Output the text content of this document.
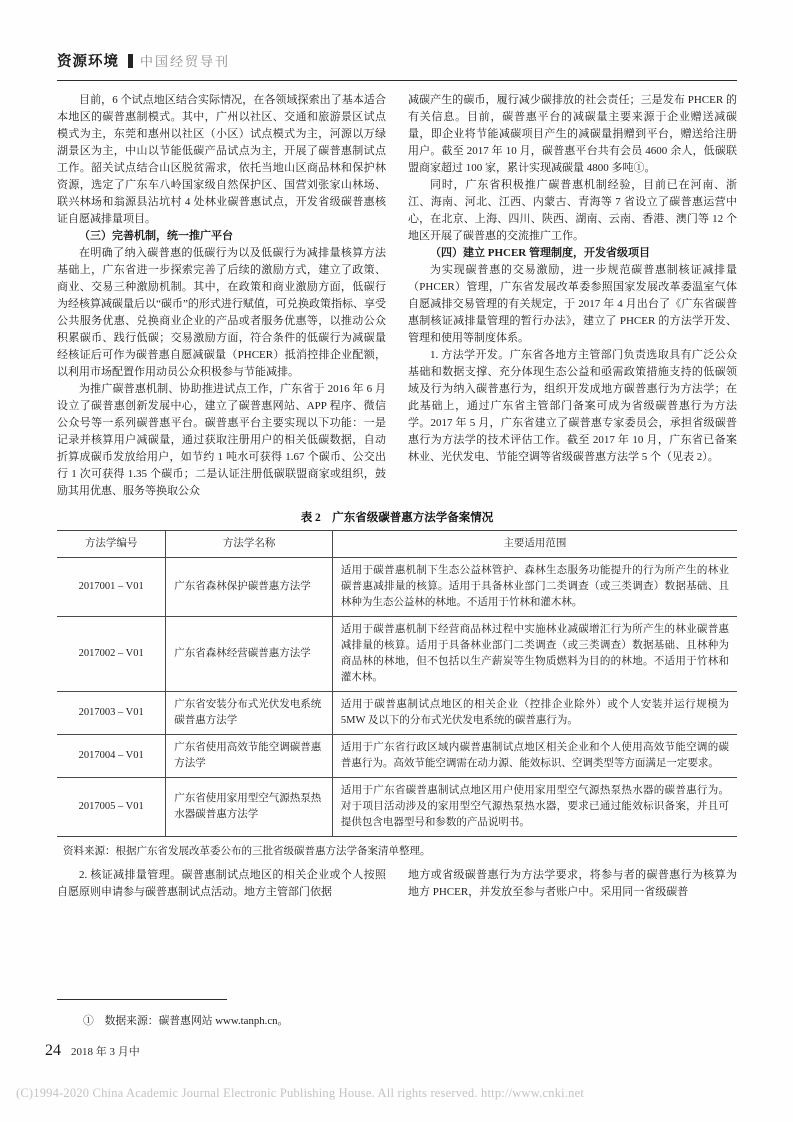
资源环境 中国经贸导刊

目前，6 个试点地区结合实际情况，在各领域探索出了基本适合本地区的碳普惠制模式。其中，广州以社区、交通和旅游景区试点模式为主，东莞和惠州以社区（小区）试点模式为主，河源以万绿湖景区为主，中山以节能低碳产品试点为主，开展了碳普惠制试点工作。韶关试点结合山区脱贫需求，依托当地山区商品林和保护林资源，选定了广东车八岭国家级自然保护区、国营刘张家山林场、联兴林场和翁源县沾坑村 4 处林业碳普惠试点，开发省级碳普惠核证自愿减排量项目。

（三）完善机制，统一推广平台

在明确了纳入碳普惠的低碳行为以及低碳行为减排量核算方法基础上，广东省进一步探索完善了后续的激励方式，建立了政策、商业、交易三种激励机制。其中，在政策和商业激励方面，低碳行为经核算减碳量后以“碳币”的形式进行赋值，可兑换政策指标、享受公共服务优惠、兑换商业企业的产品或者服务优惠等，以推动公众积累碳币、践行低碳；交易激励方面，符合条件的低碳行为减碳量经核证后可作为碳普惠自愿减碳量（PHCER）抵消控排企业配额，以利用市场配置作用动员公众积极参与节能减排。

为推广碳普惠机制、协助推进试点工作，广东省于 2016 年 6 月设立了碳普惠创新发展中心，建立了碳普惠网站、APP 程序、微信公众号等一系列碳普惠平台。碳普惠平台主要实现以下功能：一是记录并核算用户减碳量，通过获取注册用户的相关低碳数据，自动折算成碳币发放给用户，如节约 1 吨水可获得 1.67 个碳币、公交出行 1 次可获得 1.35 个碳币；二是认证注册低碳联盟商家或组织，鼓励其用优惠、服务等换取公众

减碳产生的碳币，履行减少碳排放的社会责任；三是发布 PHCER 的有关信息。目前，碳普惠平台的减碳量主要来源于企业赠送减碳量，即企业将节能减碳项目产生的减碳量捐赠到平台，赠送给注册用户。截至 2017 年 10 月，碳普惠平台共有会员 4600 余人，低碳联盟商家超过 100 家，累计实现减碳量 4800 多吨①。

同时，广东省积极推广碳普惠机制经验，目前已在河南、浙江、海南、河北、江西、内蒙古、青海等 7 省设立了碳普惠运营中心，在北京、上海、四川、陕西、湖南、云南、香港、澳门等 12 个地区开展了碳普惠的交流推广工作。

（四）建立 PHCER 管理制度，开发省级项目

为实现碳普惠的交易激励，进一步规范碳普惠制核证减排量（PHCER）管理，广东省发展改革委参照国家发展改革委温室气体自愿减排交易管理的有关规定，于 2017 年 4 月出台了《广东省碳普惠制核证减排量管理的暂行办法》，建立了 PHCER 的方法学开发、管理和使用等制度体系。

1. 方法学开发。广东省各地方主管部门负责选取具有广泛公众基础和数据支撑、充分体现生态公益和亟需政策措施支持的低碳领域及行为纳入碳普惠行为，组织开发成地方碳普惠行为方法学；在此基础上，通过广东省主管部门备案可成为省级碳普惠行为方法学。2017 年 5 月，广东省建立了碳普惠专家委员会，承担省级碳普惠行为方法学的技术评估工作。截至 2017 年 10 月，广东省已备案林业、光伏发电、节能空调等省级碳普惠方法学 5 个（见表 2）。

表 2　广东省级碳普惠方法学备案情况
方法学编号	方法学名称	主要适用范围
2017001 – V01	广东省森林保护碳普惠方法学	适用于碳普惠机制下生态公益林管护、森林生态服务功能提升的行为所产生的林业碳普惠减排量的核算。适用于具备林业部门二类调查（或三类调查）数据基础、且林种为生态公益林的林地。不适用于竹林和灌木林。
2017002 – V01	广东省森林经营碳普惠方法学	适用于碳普惠机制下经营商品林过程中实施林业减碳增汇行为所产生的林业碳普惠减排量的核算。适用于具备林业部门二类调查（或三类调查）数据基础、且林种为商品林的林地，但不包括以生产薪炭等生物质燃料为目的的林地。不适用于竹林和灌木林。
2017003 – V01	广东省安装分布式光伏发电系统碳普惠方法学	适用于碳普惠制试点地区的相关企业（控排企业除外）或个人安装并运行规模为 5MW 及以下的分布式光伏发电系统的碳普惠行为。
2017004 – V01	广东省使用高效节能空调碳普惠方法学	适用于广东省行政区域内碳普惠制试点地区相关企业和个人使用高效节能空调的碳普惠行为。高效节能空调需在动力源、能效标识、空调类型等方面满足一定要求。
2017005 – V01	广东省使用家用型空气源热泵热水器碳普惠方法学	适用于广东省碳普惠制试点地区用户使用家用型空气源热泵热水器的碳普惠行为。对于项目活动涉及的家用型空气源热泵热水器，要求已通过能效标识备案，并且可提供包含电器型号和参数的产品说明书。
资料来源：根据广东省发展改革委公布的三批省级碳普惠方法学备案清单整理。

2. 核证减排量管理。碳普惠制试点地区的相关企业或个人按照自愿原则申请参与碳普惠制试点活动。地方主管部门依据

地方或省级碳普惠行为方法学要求，将参与者的碳普惠行为核算为地方 PHCER，并发放至参与者账户中。采用同一省级碳普

①　数据来源：碳普惠网站 www.tanph.cn。
24 2018 年 3 月中
(C)1994-2020 China Academic Journal Electronic Publishing House. All rights reserved. http://www.cnki.net
